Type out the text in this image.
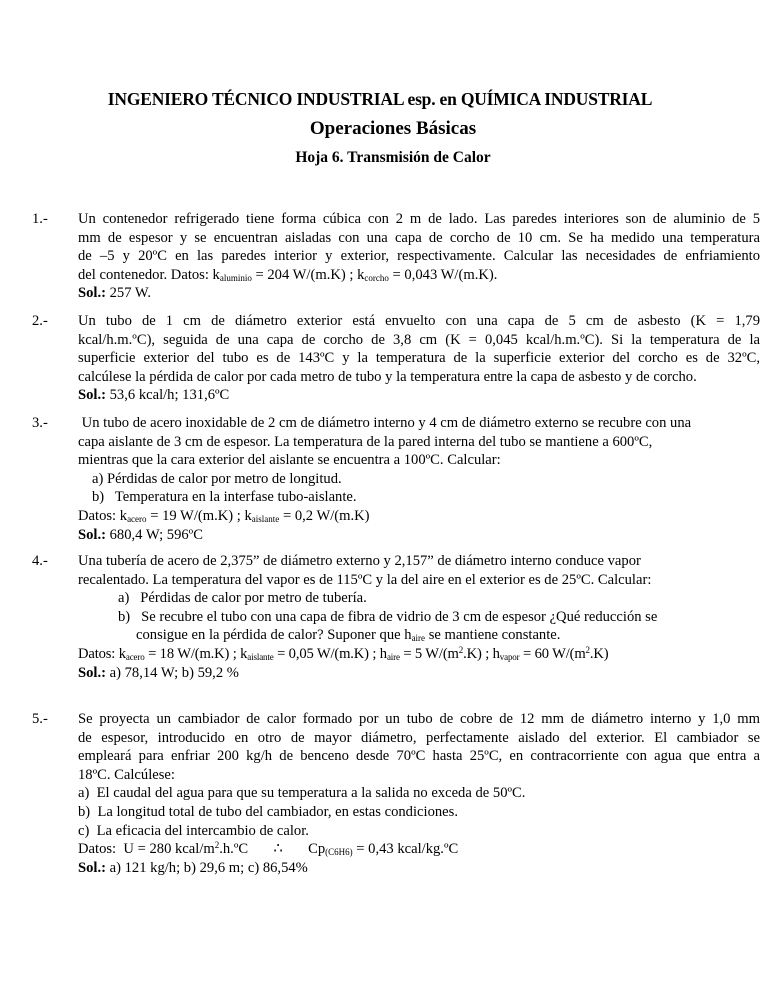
INGENIERO TÉCNICO INDUSTRIAL esp. en QUÍMICA INDUSTRIAL
Operaciones Básicas
Hoja 6. Transmisión de Calor
1.- Un contenedor refrigerado tiene forma cúbica con 2 m de lado. Las paredes interiores son de aluminio de 5
mm de espesor y se encuentran aisladas con una capa de corcho de 10 cm. Se ha medido una temperatura
de –5 y 20ºC en las paredes interior y exterior, respectivamente. Calcular las necesidades de enfriamiento
del contenedor. Datos: $k_{aluminio} = 204$ W/(m.K) ; $k_{corcho} = 0,043$ W/(m.K).
Sol.: 257 W.
2.- Un tubo de 1 cm de diámetro exterior está envuelto con una capa de 5 cm de asbesto (K = 1,79
kcal/h.m.ºC), seguida de una capa de corcho de 3,8 cm (K = 0,045 kcal/h.m.ºC). Si la temperatura de la
superficie exterior del tubo es de 143ºC y la temperatura de la superficie exterior del corcho es de 32ºC,
calcúlese la pérdida de calor por cada metro de tubo y la temperatura entre la capa de asbesto y de corcho.
Sol.: 53,6 kcal/h; 131,6ºC
3.- Un tubo de acero inoxidable de 2 cm de diámetro interno y 4 cm de diámetro externo se recubre con una
capa aislante de 3 cm de espesor. La temperatura de la pared interna del tubo se mantiene a 600ºC,
mientras que la cara exterior del aislante se encuentra a 100ºC. Calcular:
a) Pérdidas de calor por metro de longitud.
b)   Temperatura en la interfase tubo-aislante.
Datos: $k_{acero} = 19$ W/(m.K) ; $k_{aislante} = 0,2$ W/(m.K)
Sol.: 680,4 W; 596ºC
4.- Una tubería de acero de 2,375” de diámetro externo y 2,157” de diámetro interno conduce vapor
recalentado. La temperatura del vapor es de 115ºC y la del aire en el exterior es de 25ºC. Calcular:
a)   Pérdidas de calor por metro de tubería.
b)   Se recubre el tubo con una capa de fibra de vidrio de 3 cm de espesor ¿Qué reducción se
consigue en la pérdida de calor? Suponer que $h_{aire}$ se mantiene constante.
Datos: $k_{acero} = 18$ W/(m.K) ; $k_{aislante} = 0,05$ W/(m.K) ; $h_{aire} = 5$ $W/(m^2.K)$ ; $h_{vapor} = 60$ $W/(m^2.K)$
Sol.: a) 78,14 W; b) 59,2 %
5.- Se proyecta un cambiador de calor formado por un tubo de cobre de 12 mm de diámetro interno y 1,0 mm
de espesor, introducido en otro de mayor diámetro, perfectamente aislado del exterior. El cambiador se
empleará para enfriar 200 kg/h de benceno desde 70ºC hasta 25ºC, en contracorriente con agua que entra a
18ºC. Calcúlese:
a)  El caudal del agua para que su temperatura a la salida no exceda de 50ºC.
b)  La longitud total de tubo del cambiador, en estas condiciones.
c)  La eficacia del intercambio de calor.
Datos:  U = 280 kcal/$m^2.h.ºC$ ∴ $Cp_{(C6H6)} = 0,43$ kcal/kg.ºC
Sol.: a) 121 kg/h; b) 29,6 m; c) 86,54%
